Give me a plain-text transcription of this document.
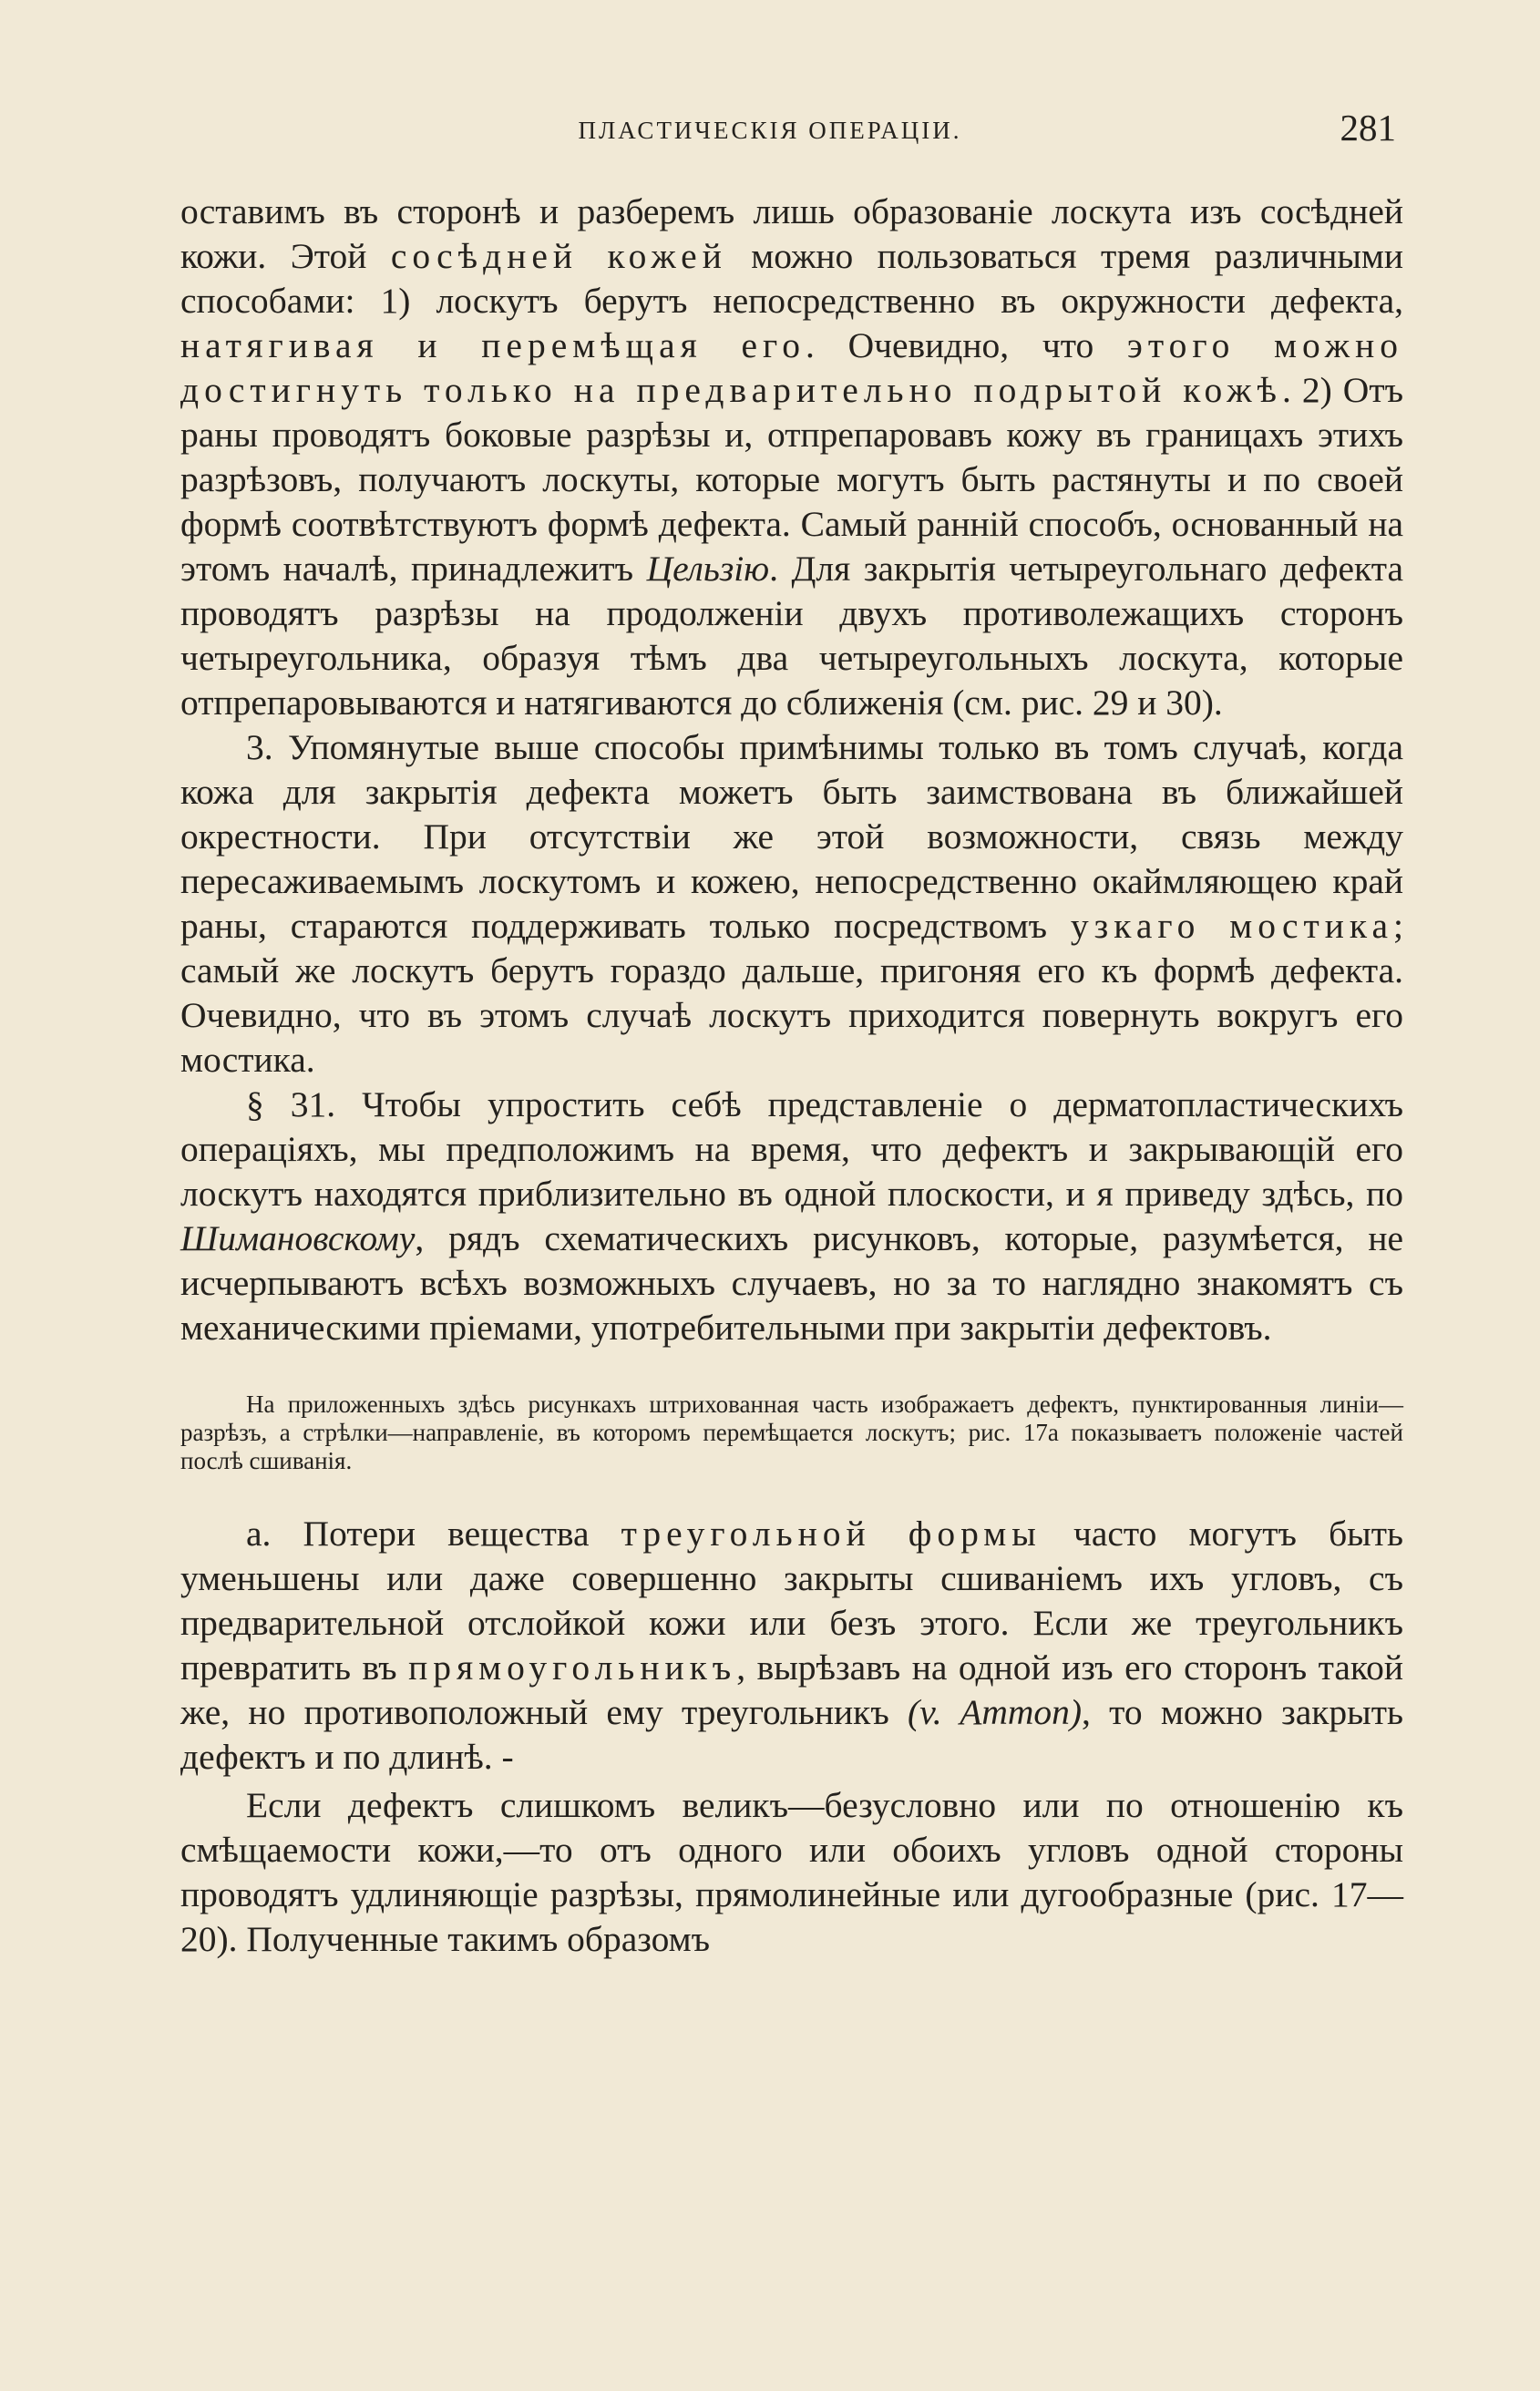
ПЛАСТИЧЕСКІЯ ОПЕРАЦІИ.	281

оставимъ въ сторонѣ и разберемъ лишь образованіе лоскута изъ сосѣдней кожи. Этой сосѣдней кожей можно пользоваться тремя различными способами: 1) лоскутъ берутъ непосредственно въ окружности дефекта, натягивая и перемѣщая его. Очевидно, что этого можно достигнуть только на предварительно подрытой кожѣ. 2) Отъ раны проводятъ боковые разрѣзы и, отпрепаровавъ кожу въ границахъ этихъ разрѣзовъ, получаютъ лоскуты, которые могутъ быть растянуты и по своей формѣ соотвѣтствуютъ формѣ дефекта. Самый ранній способъ, основанный на этомъ началѣ, принадлежитъ Цельзію. Для закрытія четыреугольнаго дефекта проводятъ разрѣзы на продолженіи двухъ противолежащихъ сторонъ четыреугольника, образуя тѣмъ два четыреугольныхъ лоскута, которые отпрепаровываются и натягиваются до сближенія (см. рис. 29 и 30).

3. Упомянутые выше способы примѣнимы только въ томъ случаѣ, когда кожа для закрытія дефекта можетъ быть заимствована въ ближайшей окрестности. При отсутствіи же этой возможности, связь между пересаживаемымъ лоскутомъ и кожею, непосредственно окаймляющею край раны, стараются поддерживать только посредствомъ узкаго мостика; самый же лоскутъ берутъ гораздо дальше, пригоняя его къ формѣ дефекта. Очевидно, что въ этомъ случаѣ лоскутъ приходится повернуть вокругъ его мостика.

§ 31. Чтобы упростить себѣ представленіе о дерматопластическихъ операціяхъ, мы предположимъ на время, что дефектъ и закрывающій его лоскутъ находятся приблизительно въ одной плоскости, и я приведу здѣсь, по Шимановскому, рядъ схематическихъ рисунковъ, которые, разумѣется, не исчерпываютъ всѣхъ возможныхъ случаевъ, но за то наглядно знакомятъ съ механическими пріемами, употребительными при закрытіи дефектовъ.

На приложенныхъ здѣсь рисункахъ штрихованная часть изображаетъ дефектъ, пунктированныя линіи—разрѣзъ, а стрѣлки—направленіе, въ которомъ перемѣщается лоскутъ; рис. 17а показываетъ положеніе частей послѣ сшиванія.

а. Потери вещества треугольной формы часто могутъ быть уменьшены или даже совершенно закрыты сшиваніемъ ихъ угловъ, съ предварительной отслойкой кожи или безъ этого. Если же треугольникъ превратить въ прямоугольникъ, вырѣзавъ на одной изъ его сторонъ такой же, но противоположный ему треугольникъ (v. Ammon), то можно закрыть дефектъ и по длинѣ. -

Если дефектъ слишкомъ великъ—безусловно или по отношенію къ смѣщаемости кожи,—то отъ одного или обоихъ угловъ одной стороны проводятъ удлиняющіе разрѣзы, прямолинейные или дугообразные (рис. 17—20). Полученные такимъ образомъ
